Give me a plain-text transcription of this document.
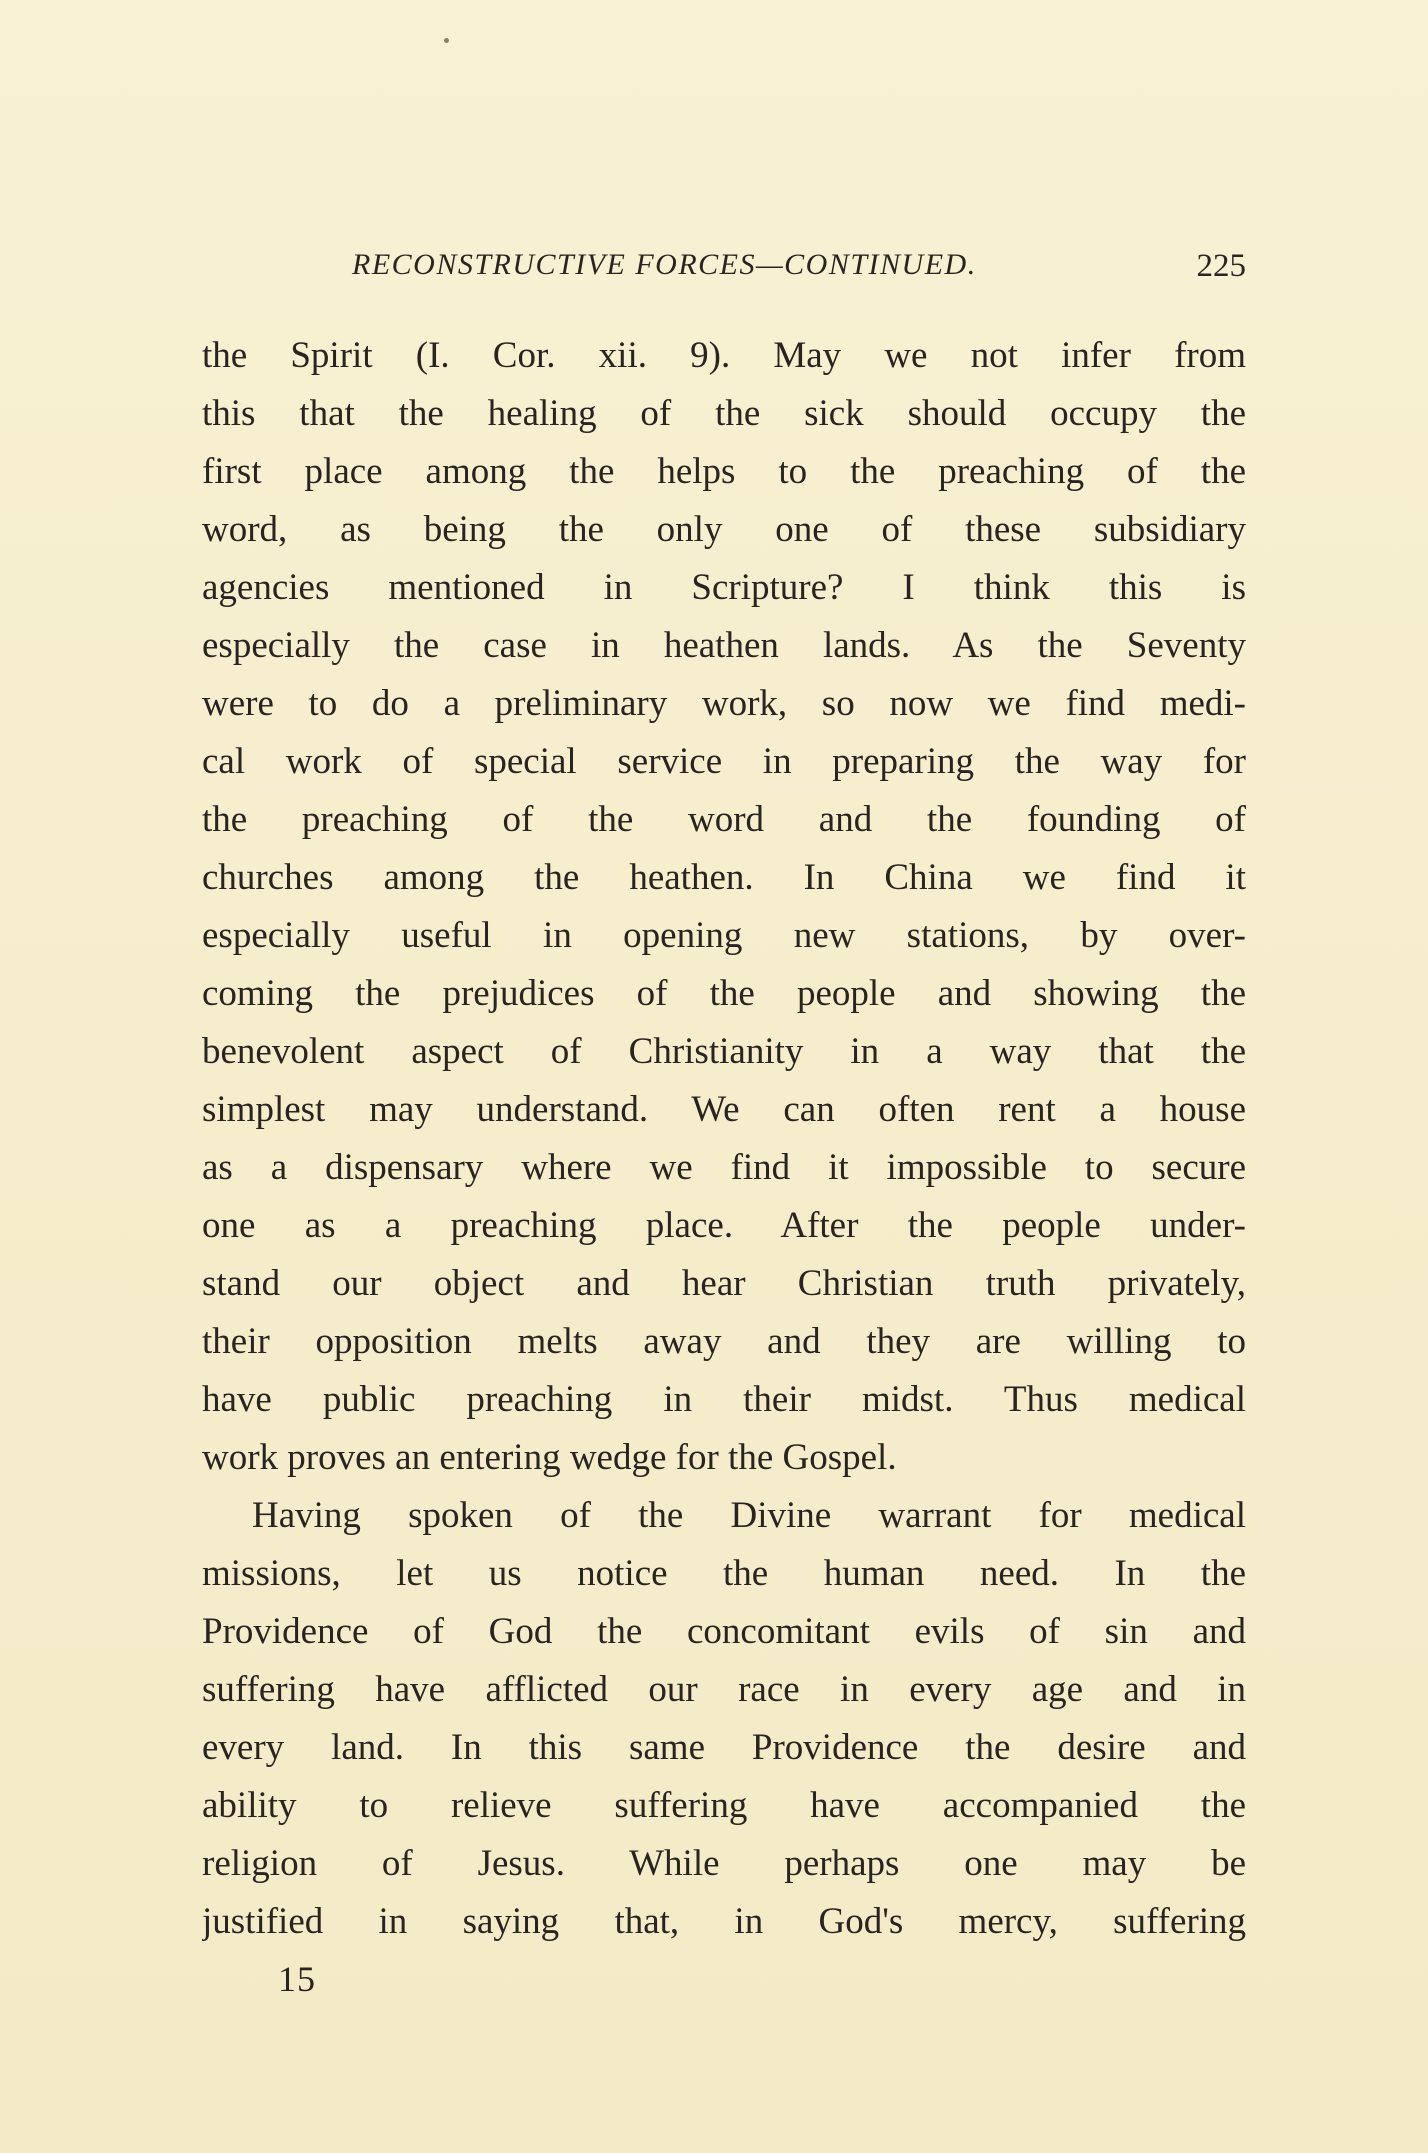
RECONSTRUCTIVE FORCES—CONTINUED.	225
the Spirit (I. Cor. xii. 9). May we not infer from
this that the healing of the sick should occupy the
first place among the helps to the preaching of the
word, as being the only one of these subsidiary
agencies mentioned in Scripture? I think this is
especially the case in heathen lands. As the Seventy
were to do a preliminary work, so now we find medi-
cal work of special service in preparing the way for
the preaching of the word and the founding of
churches among the heathen. In China we find it
especially useful in opening new stations, by over-
coming the prejudices of the people and showing the
benevolent aspect of Christianity in a way that the
simplest may understand. We can often rent a house
as a dispensary where we find it impossible to secure
one as a preaching place. After the people under-
stand our object and hear Christian truth privately,
their opposition melts away and they are willing to
have public preaching in their midst. Thus medical
work proves an entering wedge for the Gospel.
Having spoken of the Divine warrant for medical
missions, let us notice the human need. In the
Providence of God the concomitant evils of sin and
suffering have afflicted our race in every age and in
every land. In this same Providence the desire and
ability to relieve suffering have accompanied the
religion of Jesus. While perhaps one may be
justified in saying that, in God's mercy, suffering
15
